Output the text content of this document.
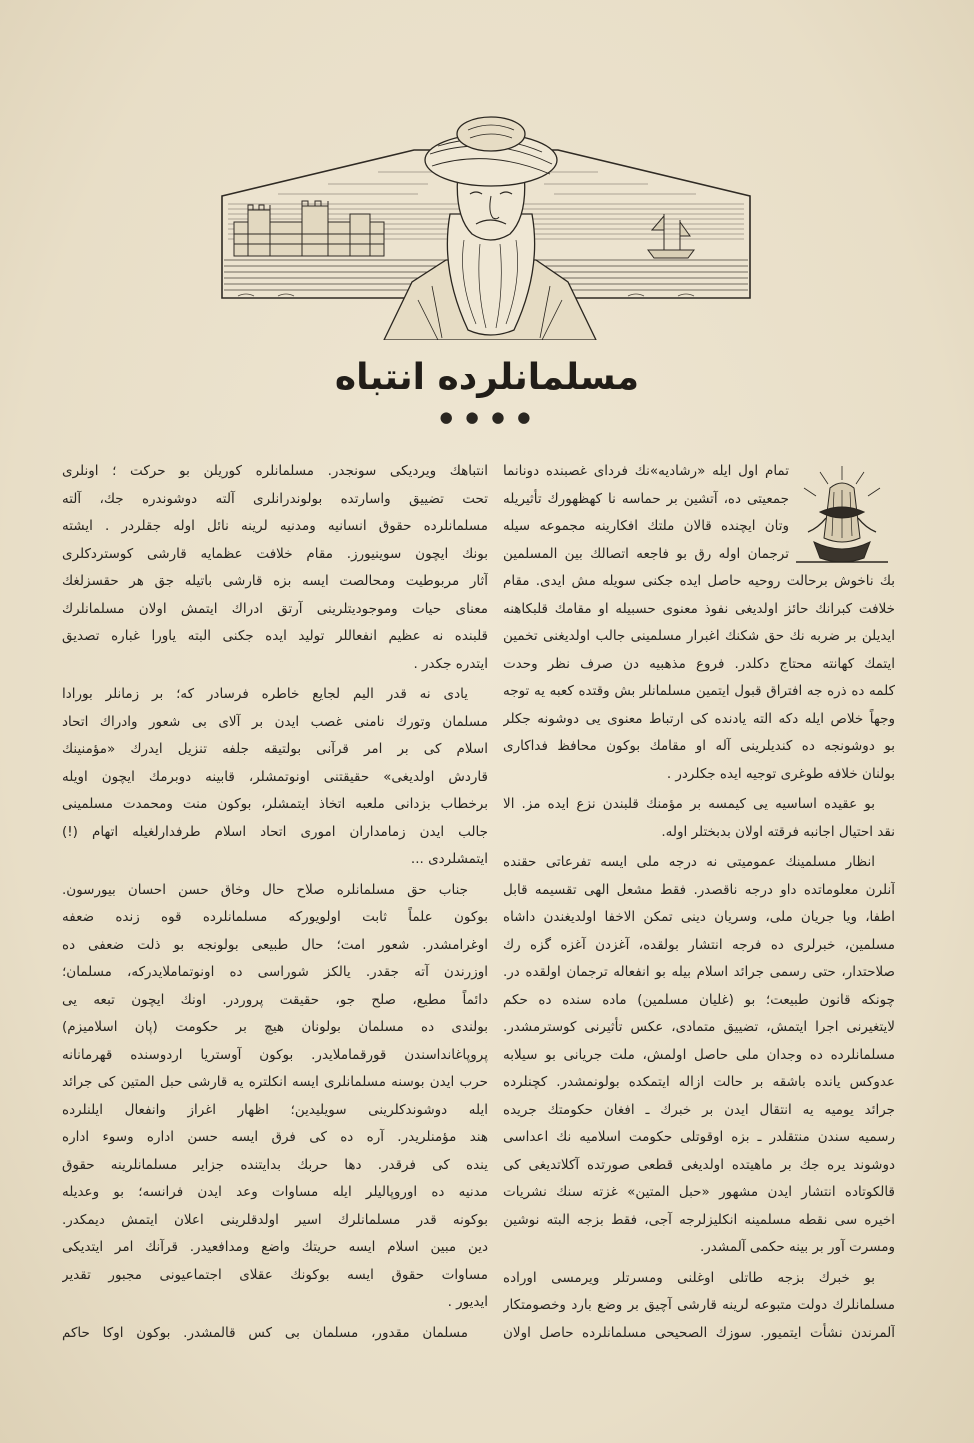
مسلمانلرده انتباه
● ● ● ●
تمام اول ايله «رشاديه»نك فرداى غصبنده دونانما
جمعيتى ده، آتشين بر حماسه نا كهظهورك تأثيريله
وتان ايچنده قالان ملتك افكارينه مجموعه سيله
ترجمان اوله رق بو فاجعه اتصالك بين المسلمين
بك ناخوش برحالت روحيه حاصل ايده جكنى سويله مش ايدى. مقام
خلافت كبرانك حائز اولديغى نفوذ معنوى حسبيله او مقامك قلبكاهنه
ايديلن بر ضربه نك حق شكنك اغبرار مسلمينى جالب اولديغنى تخمين
ايتمك كهانته محتاج دكلدر. فروع مذهبيه دن صرف نظر وحدت
كلمه ده ذره جه افتراق قبول ايتمين مسلمانلر بش وقتده كعبه يه توجه
وجهاً خلاص ايله دكه الته يادنده كى ارتباط معنوى يى دوشونه جكلر
بو دوشونجه ده كنديلرينى آله او مقامك بوكون محافظ فداكارى
بولنان خلافه طوغرى توجيه ايده جكلردر .
بو عقيده اساسيه يى كيمسه بر مؤمنك قلبندن نزع ايده مز. الا
نقد احتيال اجانبه فرقته اولان بدبختلر اوله.
انظار مسلمينك عموميتى نه درجه ملى ايسه تفرعاتى حقنده
آنلرن معلوماتده داو درجه ناقصدر. فقط مشعل الهى تقسيمه قابل
اطفا، ويا جريان ملى، وسريان دينى تمكن الاخفا اولديغندن داشاه
مسلمين، خبرلرى ده فرجه انتشار بولقده، آغزدن آغزه گزه رك
صلاحتدار، حتى رسمى جرائد اسلام بيله بو انفعاله ترجمان اولقده در.
چونكه قانون طبيعت؛ بو (غليان مسلمين) ماده سنده ده حكم
لايتغيرنى اجرا ايتمش، تضييق متمادى، عكس تأثيرنى كوسترمشدر.
مسلمانلرده ده وجدان ملى حاصل اولمش، ملت جريانى بو سيلابه
عدوكس يانده باشقه بر حالت ازاله ايتمكده بولونمشدر. كچنلرده
جرائد يوميه يه انتقال ايدن بر خبرك ـ افغان حكومتك جريده
رسميه سندن منتقلدر ـ بزه اوقوتلى حكومت اسلاميه نك اعداسى
دوشوند يره جك بر ماهيتده اولديغى قطعى صورتده آكلاتديغى كى
قالكوتاده انتشار ايدن مشهور «حبل المتين» غزته سنك نشريات
اخيره سى نقطه مسلمينه انكليزلرجه آجى، فقط بزجه البته نوشين
ومسرت آور بر بينه حكمى آلمشدر.
بو خبرك بزجه طاتلى اوغلنى ومسرتلر ويرمسى اوراده
مسلمانلرك دولت متبوعه لرينه قارشى آچيق بر وضع بارد وخصومتكار
آلمرندن نشأت ايتميور. سوزك الصحيحى مسلمانلرده حاصل اولان
انتباهك ويرديكى سونجدر. مسلمانلره كوريلن بو حركت ؛ اونلرى
تحت تضييق واسارتده بولوندرانلرى آلته دوشوندره جك، آلته
مسلمانلرده حقوق انسانيه ومدنيه لرينه نائل اوله جقلردر . ايشته
بونك ايچون سوينيورز. مقام خلافت عظمايه قارشى كوستردكلرى
آثار مربوطيت ومحالصت ايسه بزه قارشى باتيله جق هر حقسزلغك
معناى حيات وموجوديتلرينى آرتق ادراك ايتمش اولان مسلمانلرك
قلبنده نه عظيم انفعاللر توليد ايده جكنى البته ياورا غباره تصديق
ايتدره جكدر .
يادى نه قدر اليم لجايع خاطره فرسادر كه؛ بر زمانلر بورادا
مسلمان وتورك نامنى غصب ايدن بر آلاى بى شعور وادراك اتحاد
اسلام كى بر امر قرآنى بولتيقه جلفه تنزيل ايدرك «مؤمنينك
قاردش اولديغى» حقيقتنى اونوتمشلر، قابينه دوبرمك ايچون اويله
برخطاب بزدانى ملعبه اتخاذ ايتمشلر، بوكون منت ومحمدت مسلمينى
جالب ايدن زمامداران امورى اتحاد اسلام طرفدارلغيله اتهام (!)
ايتمشلردى ...
جناب حق مسلمانلره صلاح حال وخاق حسن احسان بيورسون.
بوكون علماً ثابت اولويوركه مسلمانلرده قوه زنده ضعفه
اوغرامشدر. شعور امت؛ حال طبيعى بولونجه بو ذلت ضعفى ده
اوزرندن آته جقدر. يالكز شوراسى ده اونوتماملايدركه، مسلمان؛
دائماً مطيع، صلح جو، حقيقت پروردر. اونك ايچون تبعه يى
بولندى ده مسلمان بولونان هيچ بر حكومت (پان اسلاميزم)
پروپاغانداسندن قورقماملايدر. بوكون آوستريا اردوسنده قهرمانانه
حرب ايدن بوسنه مسلمانلرى ايسه انكلتره يه قارشى حبل المتين كى جرائد
ايله دوشوندكلرينى سويليدين؛ اظهار اغراز وانفعال ايلنلرده
هند مؤمنلريدر. آره ده كى فرق ايسه حسن اداره وسوء اداره
ينده كى فرقدر. دها حربك بدايتنده جزاير مسلمانلرينه حقوق
مدنيه ده اوروپاليلر ايله مساوات وعد ايدن فرانسه؛ بو وعديله
بوكونه قدر مسلمانلرك اسير اولدقلرينى اعلان ايتمش ديمكدر.
دين مبين اسلام ايسه حريتك واضع ومدافعيدر. قرآنك امر ايتديكى
مساوات حقوق ايسه بوكونك عقلاى اجتماعيونى مجبور تقدير
ايديور .
مسلمان مقدور، مسلمان بى كس قالمشدر. بوكون اوكا حاكم
